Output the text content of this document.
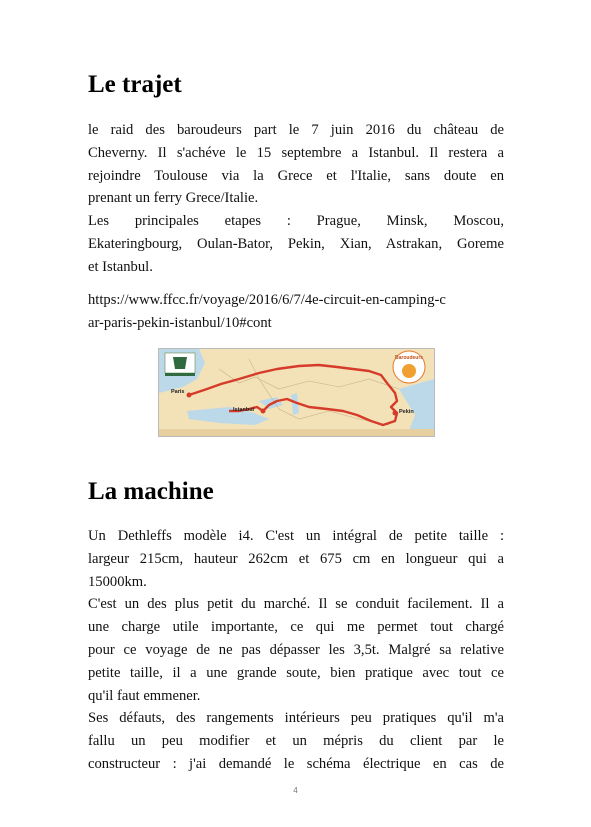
Le trajet
le raid des baroudeurs part le 7 juin 2016 du château de
Cheverny. Il s'achéve le 15 septembre a Istanbul. Il restera a
rejoindre Toulouse via la Grece et l'Italie, sans doute en
prenant un ferry Grece/Italie.
Les principales etapes : Prague, Minsk, Moscou,
Ekateringbourg, Oulan-Bator, Pekin, Xian, Astrakan, Goreme
et Istanbul.
https://www.ffcc.fr/voyage/2016/6/7/4e-circuit-en-camping-c
ar-paris-pekin-istanbul/10#cont
Paris
Istanbul	Pekin
Baroudeurs
La machine
Un Dethleffs modèle i4. C'est un intégral de petite taille :
largeur 215cm, hauteur 262cm et 675 cm en longueur qui a
15000km.
C'est un des plus petit du marché. Il se conduit facilement. Il a
une charge utile importante, ce qui me permet tout chargé
pour ce voyage de ne pas dépasser les 3,5t. Malgré sa relative
petite taille, il a une grande soute, bien pratique avec tout ce
qu'il faut emmener.
Ses défauts, des rangements intérieurs peu pratiques qu'il m'a
fallu un peu modifier et un mépris du client par le
constructeur : j'ai demandé le schéma électrique en cas de
4
